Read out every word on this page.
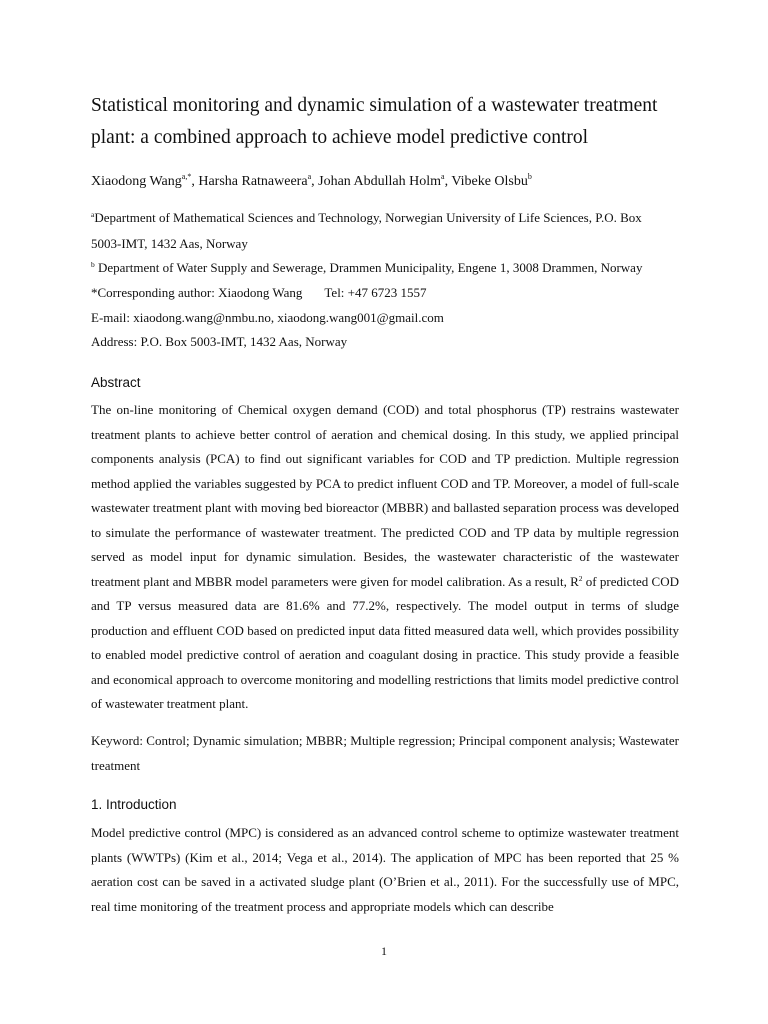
Statistical monitoring and dynamic simulation of a wastewater treatment plant: a combined approach to achieve model predictive control
Xiaodong Wang$^{a,*}$, Harsha Ratnaweera$^a$, Johan Abdullah Holm$^a$, Vibeke Olsbu$^b$
$^a$Department of Mathematical Sciences and Technology, Norwegian University of Life Sciences, P.O. Box
5003-IMT, 1432 Aas, Norway
$^b$ Department of Water Supply and Sewerage, Drammen Municipality, Engene 1, 3008 Drammen, Norway
*Corresponding author: Xiaodong Wang Tel: +47 6723 1557
E-mail: xiaodong.wang@nmbu.no, xiaodong.wang001@gmail.com
Address: P.O. Box 5003-IMT, 1432 Aas, Norway
Abstract

The on-line monitoring of Chemical oxygen demand (COD) and total phosphorus (TP) restrains wastewater treatment plants to achieve better control of aeration and chemical dosing. In this study, we applied principal components analysis (PCA) to find out significant variables for COD and TP prediction. Multiple regression method applied the variables suggested by PCA to predict influent COD and TP. Moreover, a model of full-scale wastewater treatment plant with moving bed bioreactor (MBBR) and ballasted separation process was developed to simulate the performance of wastewater treatment. The predicted COD and TP data by multiple regression served as model input for dynamic simulation. Besides, the wastewater characteristic of the wastewater treatment plant and MBBR model parameters were given for model calibration. As a result, $R^2$ of predicted COD and TP versus measured data are 81.6% and 77.2%, respectively. The model output in terms of sludge production and effluent COD based on predicted input data fitted measured data well, which provides possibility to enabled model predictive control of aeration and coagulant dosing in practice. This study provide a feasible and economical approach to overcome monitoring and modelling restrictions that limits model predictive control of wastewater treatment plant.

Keyword: Control; Dynamic simulation; MBBR; Multiple regression; Principal component analysis; Wastewater treatment

1. Introduction

Model predictive control (MPC) is considered as an advanced control scheme to optimize wastewater treatment plants (WWTPs) (Kim et al., 2014; Vega et al., 2014). The application of MPC has been reported that 25 % aeration cost can be saved in a activated sludge plant (O’Brien et al., 2011). For the successfully use of MPC, real time monitoring of the treatment process and appropriate models which can describe

1
